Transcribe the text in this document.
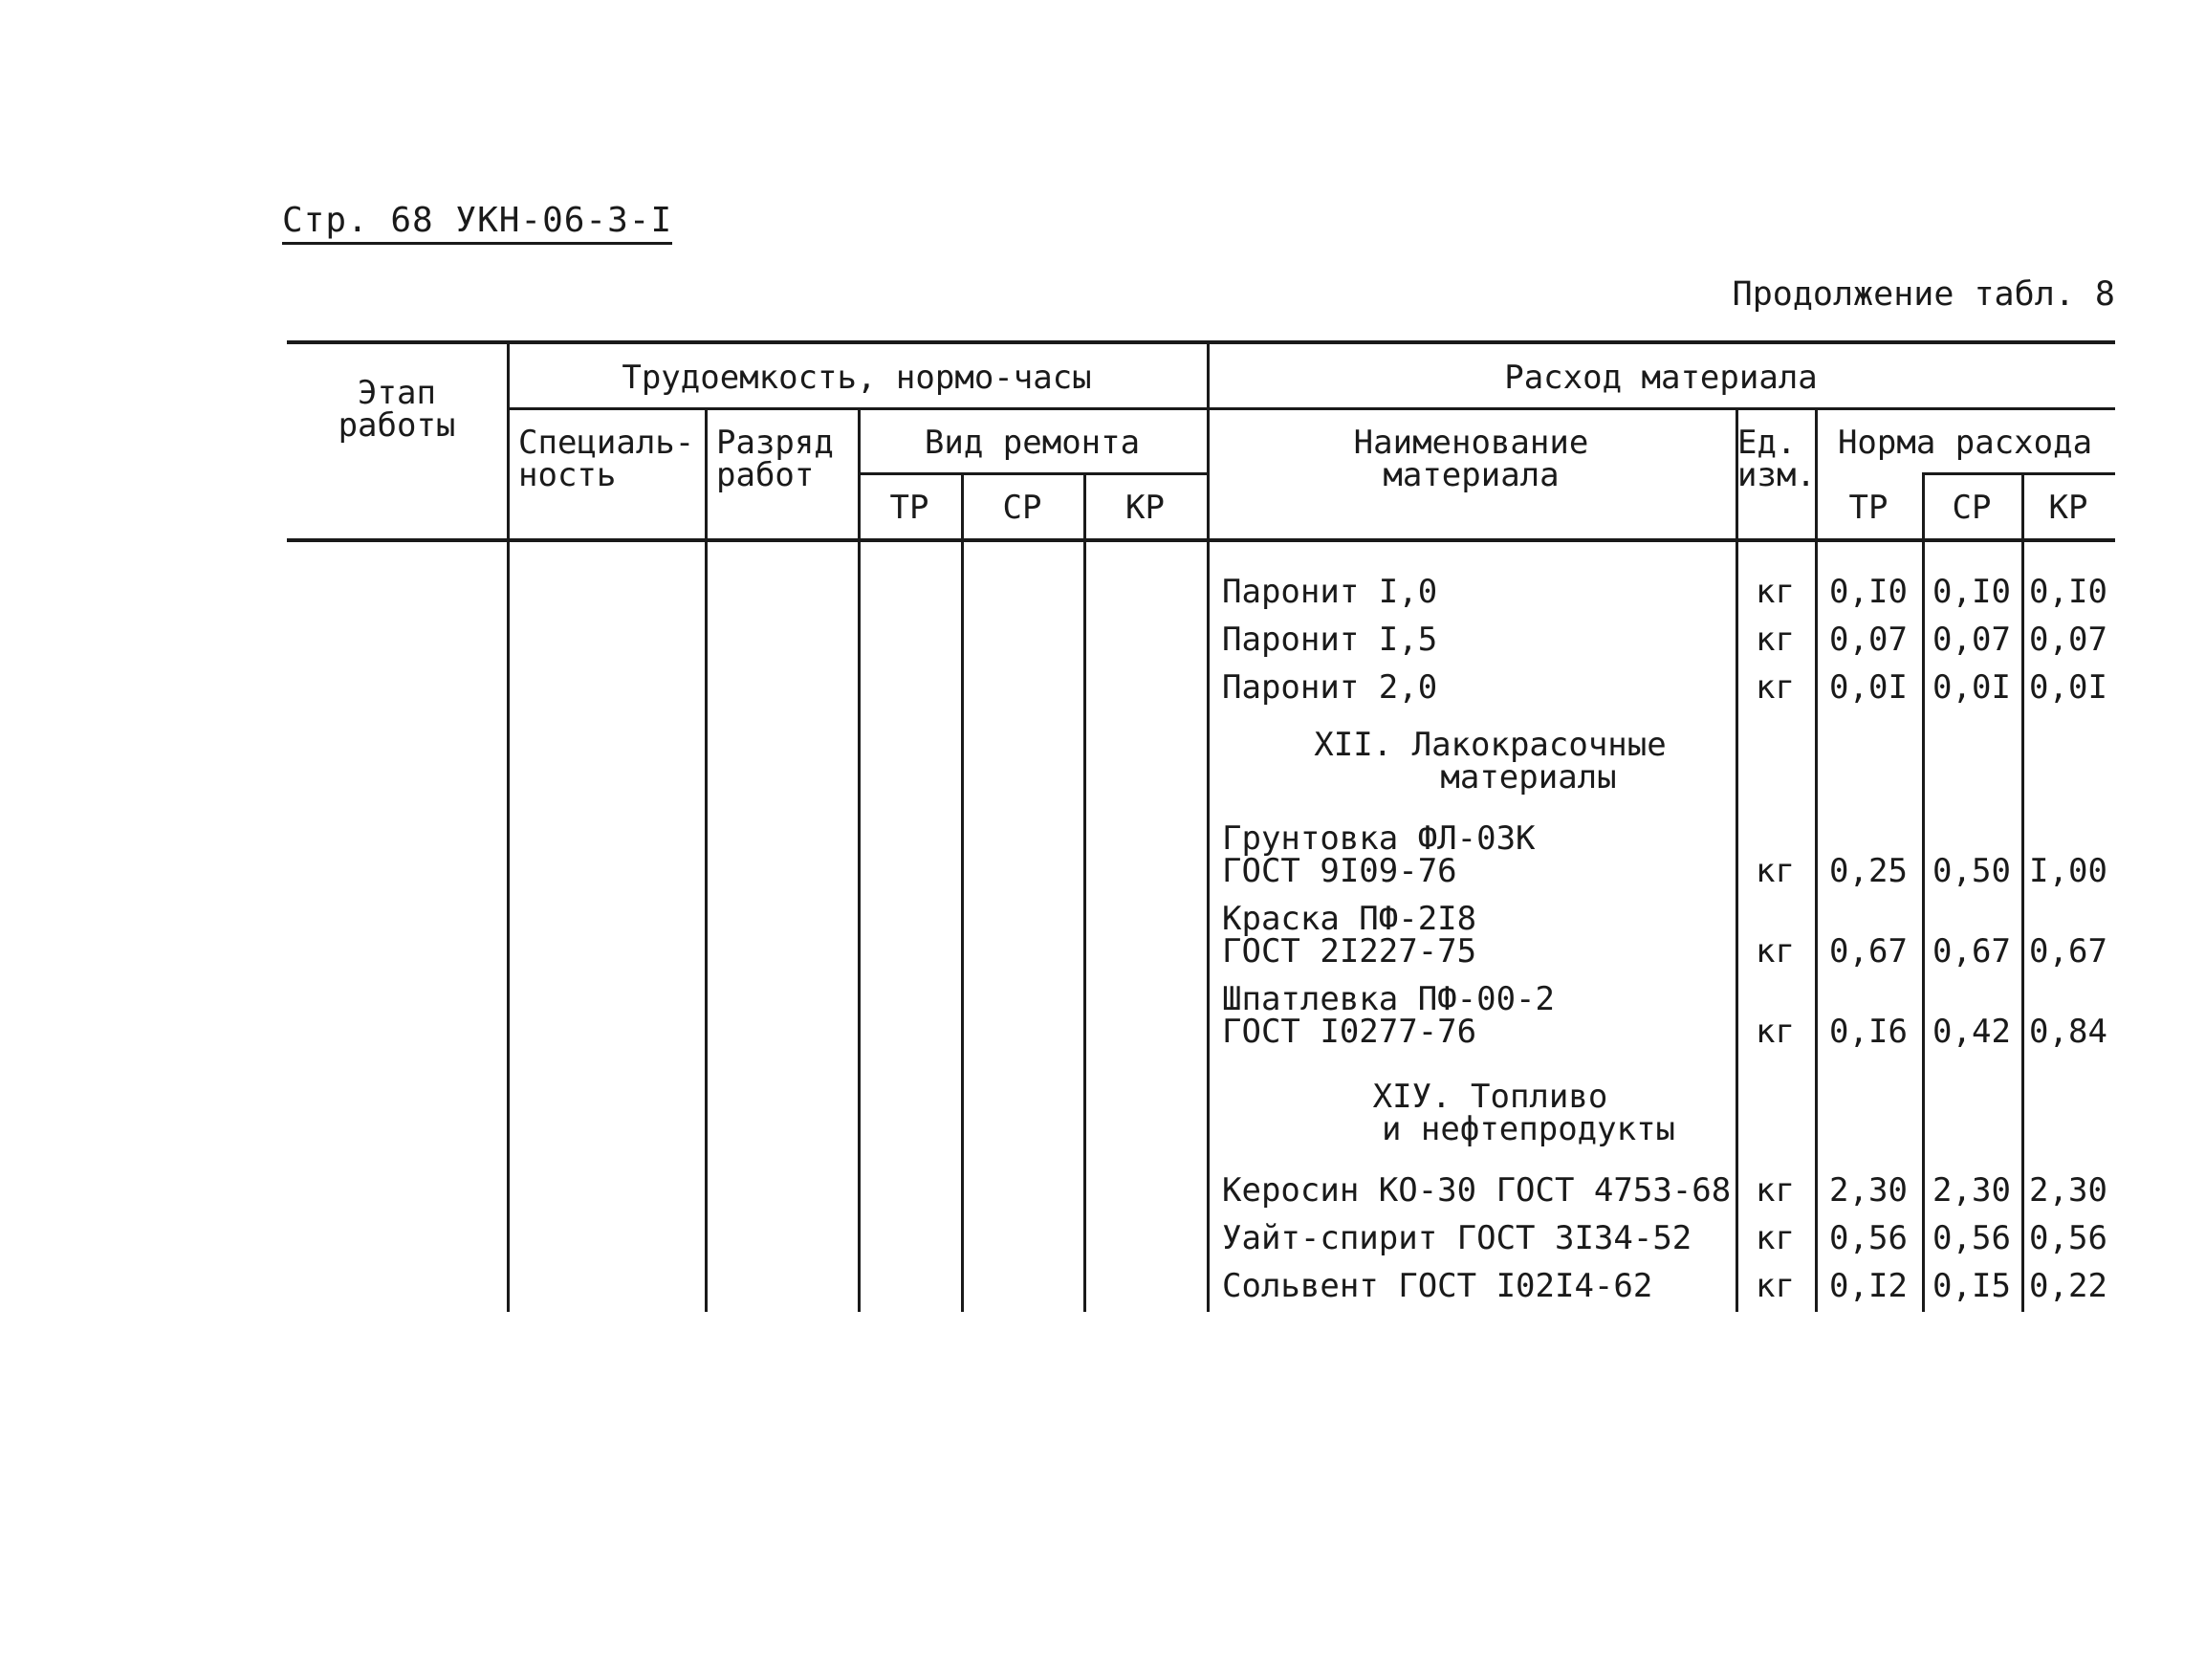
Стр. 68 УКН-06-3-I
Продолжение табл. 8
Этап
работы
Трудоемкость, нормо-часы
Специаль-
ность
Разряд
работ
Вид ремонта
ТР	СР	КР
Расход материала
Наименование
материала
Ед.
изм.
Норма расхода
ТР	СР	КР
Паронит I,0	кг	0,I0 0,I0 0,I0
Паронит I,5	кг	0,07 0,07 0,07
Паронит 2,0	кг	0,0I 0,0I 0,0I
XII. Лакокрасочные
материалы
Грунтовка ФЛ-03К
ГОСТ 9I09-76	кг	0,25 0,50 I,00
Краска ПФ-2I8
ГОСТ 2I227-75	кг	0,67 0,67 0,67
Шпатлевка ПФ-00-2
ГОСТ I0277-76	кг	0,I6 0,42 0,84
XIУ. Топливо
и нефтепродукты
Керосин КО-30 ГОСТ 4753-68 кг	2,30 2,30 2,30
Уайт-спирит ГОСТ 3I34-52	кг	0,56 0,56 0,56
Сольвент ГОСТ I02I4-62	кг	0,I2 0,I5 0,22
